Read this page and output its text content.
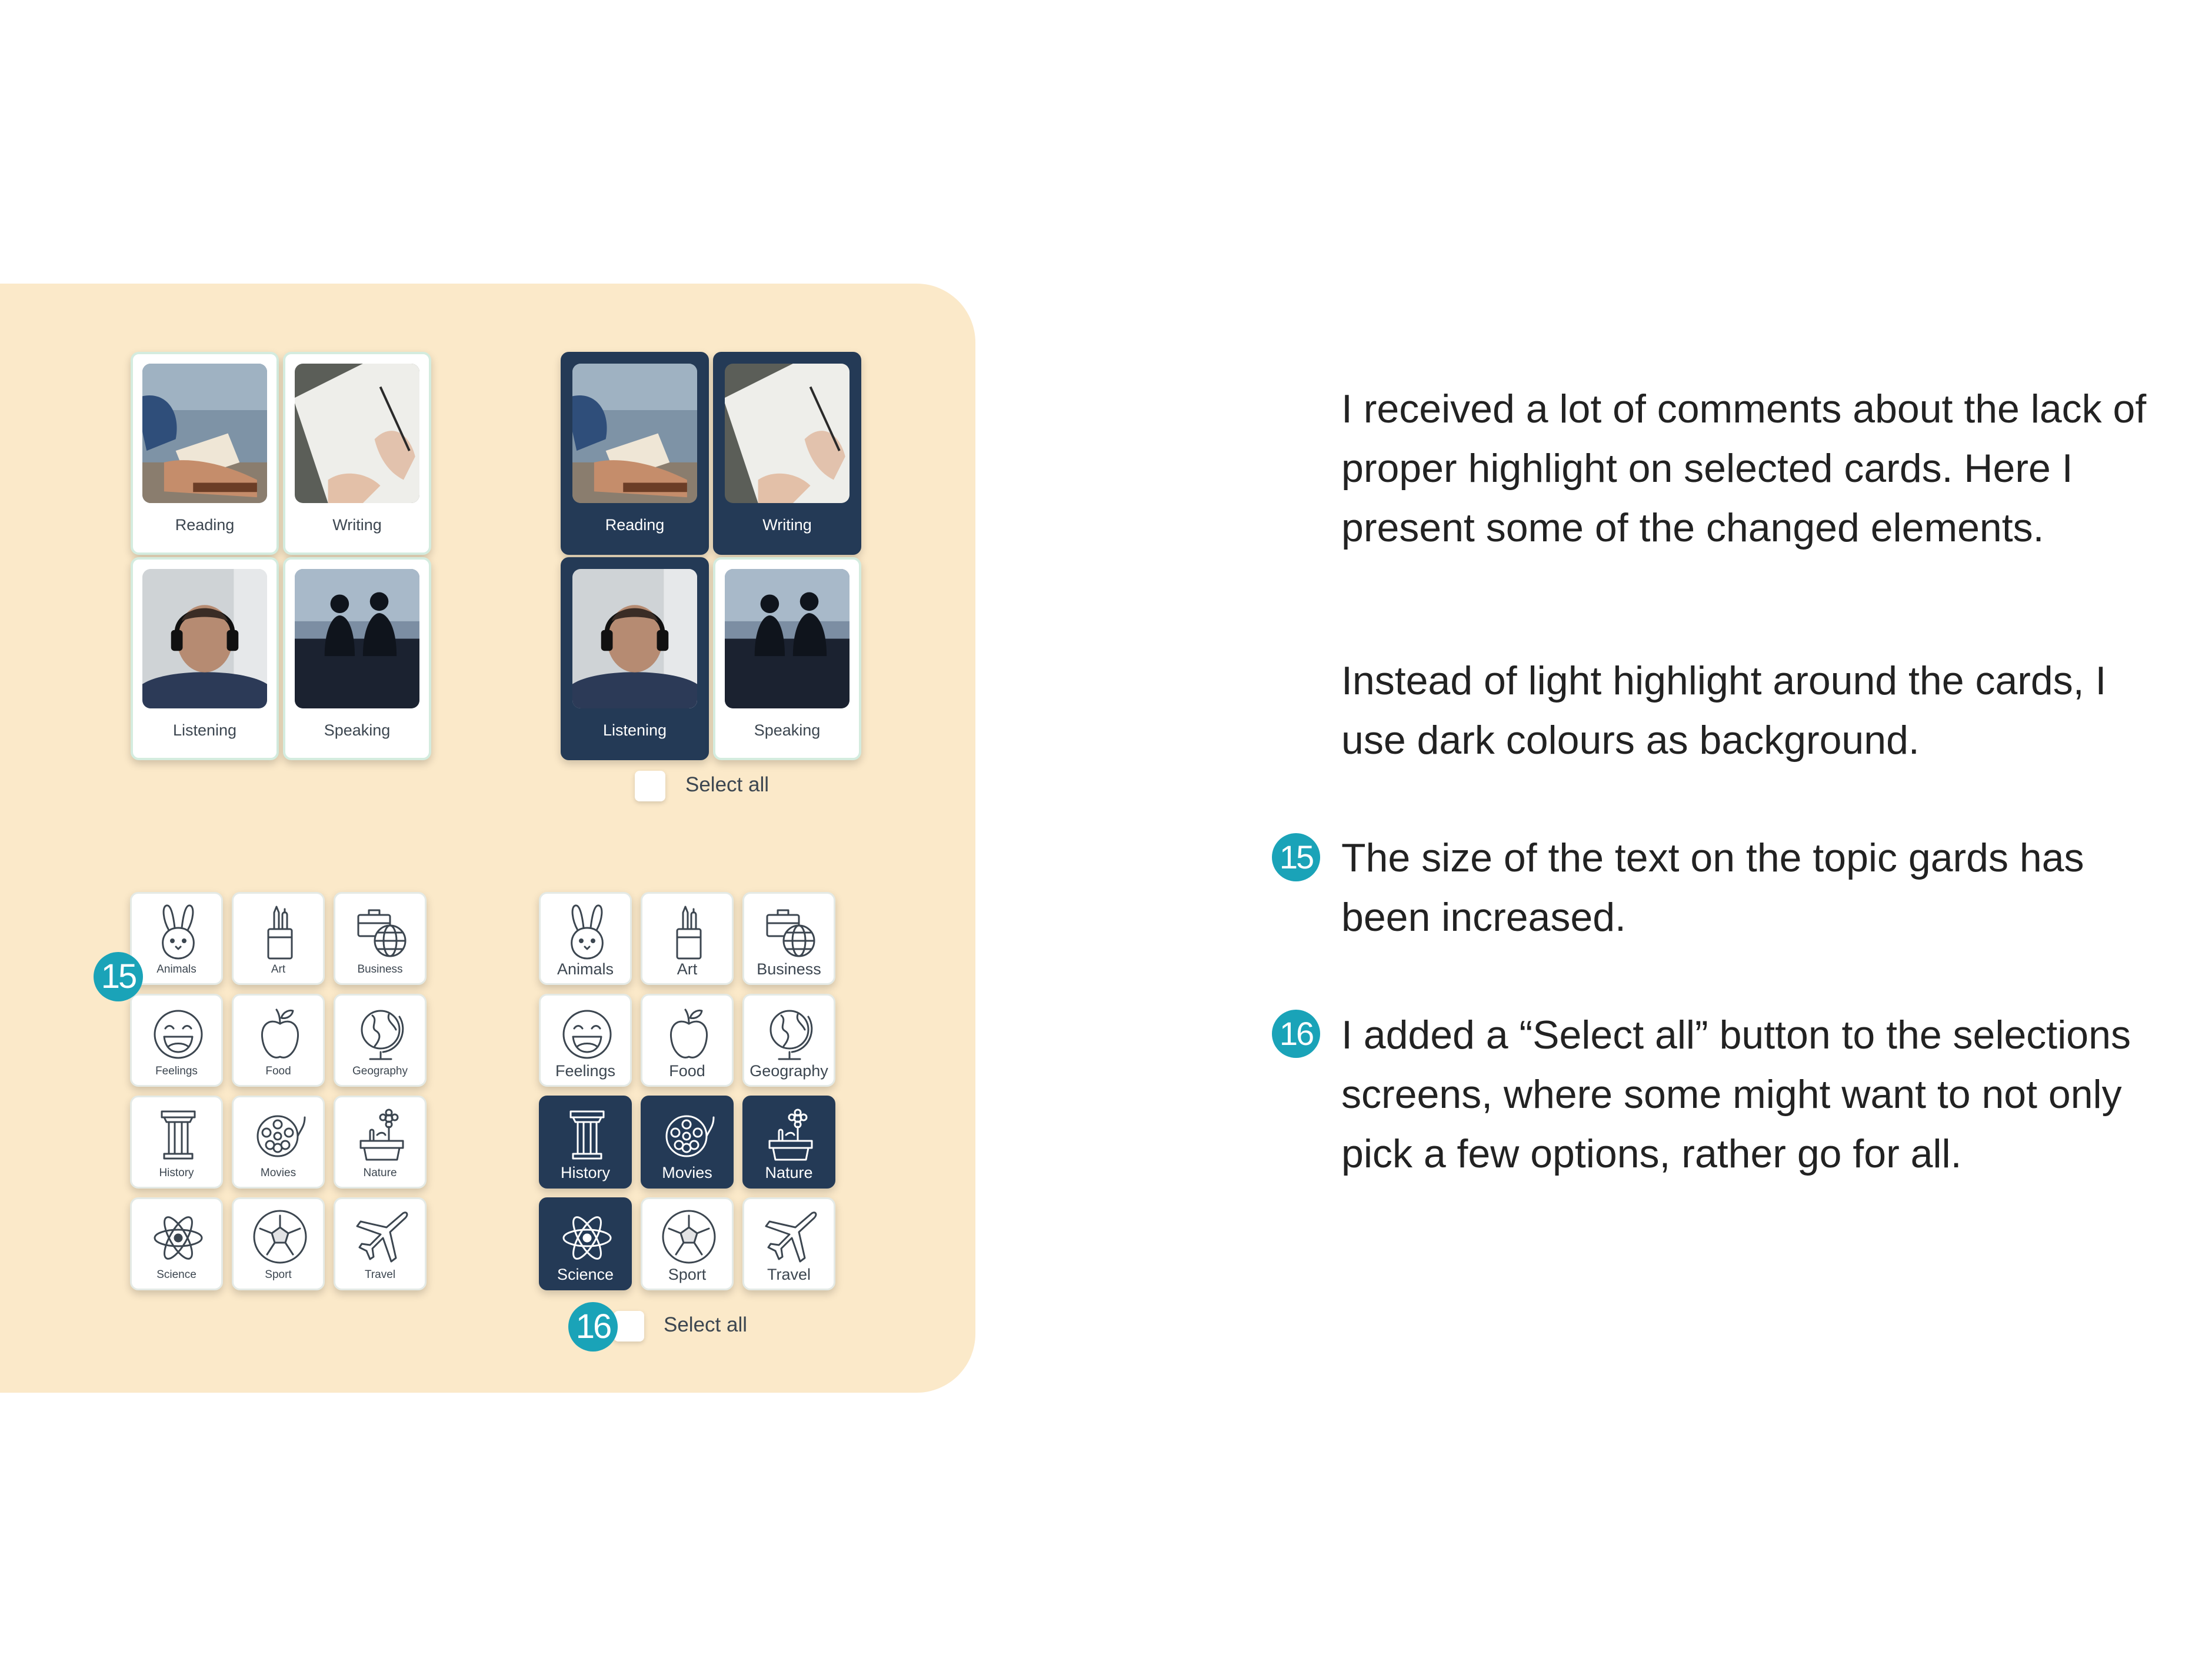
Reading	Writing
Listening	Speaking
Reading	Writing
Listening	Speaking
Select all
Animals	Art	Business
Feelings	Food	Geography
History	Movies	Nature
Science	Sport	Travel
15	Animals	Art	Business
Feelings	Food	Geography
History	Movies	Nature
Science	Sport	Travel
Select all
16

I received a lot of comments about the lack of proper highlight on selected cards. Here I present some of the changed elements.

Instead of light highlight around the cards, I use dark colours as background.

15 The size of the text on the topic gards has been increased.

16 I added a “Select all” button to the selections screens, where some might want to not only pick a few options, rather go for all.
